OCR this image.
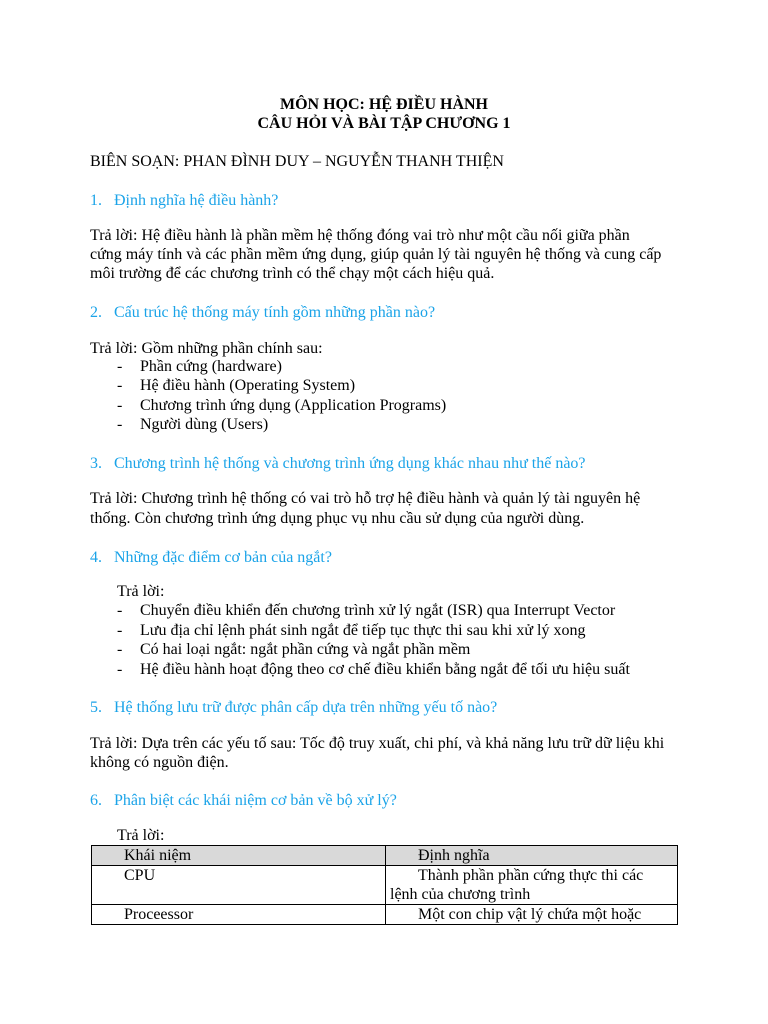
MÔN HỌC: HỆ ĐIỀU HÀNH
CÂU HỎI VÀ BÀI TẬP CHƯƠNG 1
BIÊN SOẠN: PHAN ĐÌNH DUY – NGUYỄN THANH THIỆN
1. Định nghĩa hệ điều hành?
Trả lời: Hệ điều hành là phần mềm hệ thống đóng vai trò như một cầu nối giữa phần
cứng máy tính và các phần mềm ứng dụng, giúp quản lý tài nguyên hệ thống và cung cấp
môi trường để các chương trình có thể chạy một cách hiệu quả.
2. Cấu trúc hệ thống máy tính gồm những phần nào?
Trả lời: Gồm những phần chính sau:
- Phần cứng (hardware)
- Hệ điều hành (Operating System)
- Chương trình ứng dụng (Application Programs)
- Người dùng (Users)
3. Chương trình hệ thống và chương trình ứng dụng khác nhau như thế nào?
Trả lời: Chương trình hệ thống có vai trò hỗ trợ hệ điều hành và quản lý tài nguyên hệ
thống. Còn chương trình ứng dụng phục vụ nhu cầu sử dụng của người dùng.
4. Những đặc điểm cơ bản của ngắt?
Trả lời:
- Chuyển điều khiển đến chương trình xử lý ngắt (ISR) qua Interrupt Vector
- Lưu địa chỉ lệnh phát sinh ngắt để tiếp tục thực thi sau khi xử lý xong
- Có hai loại ngắt: ngắt phần cứng và ngắt phần mềm
- Hệ điều hành hoạt động theo cơ chế điều khiển bằng ngắt để tối ưu hiệu suất
5. Hệ thống lưu trữ được phân cấp dựa trên những yếu tố nào?
Trả lời: Dựa trên các yếu tố sau: Tốc độ truy xuất, chi phí, và khả năng lưu trữ dữ liệu khi
không có nguồn điện.
6. Phân biệt các khái niệm cơ bản về bộ xử lý?
Trả lời:
Khái niệm	Định nghĩa
CPU	Thành phần phần cứng thực thi các
lệnh của chương trình
Proceessor	Một con chip vật lý chứa một hoặc
